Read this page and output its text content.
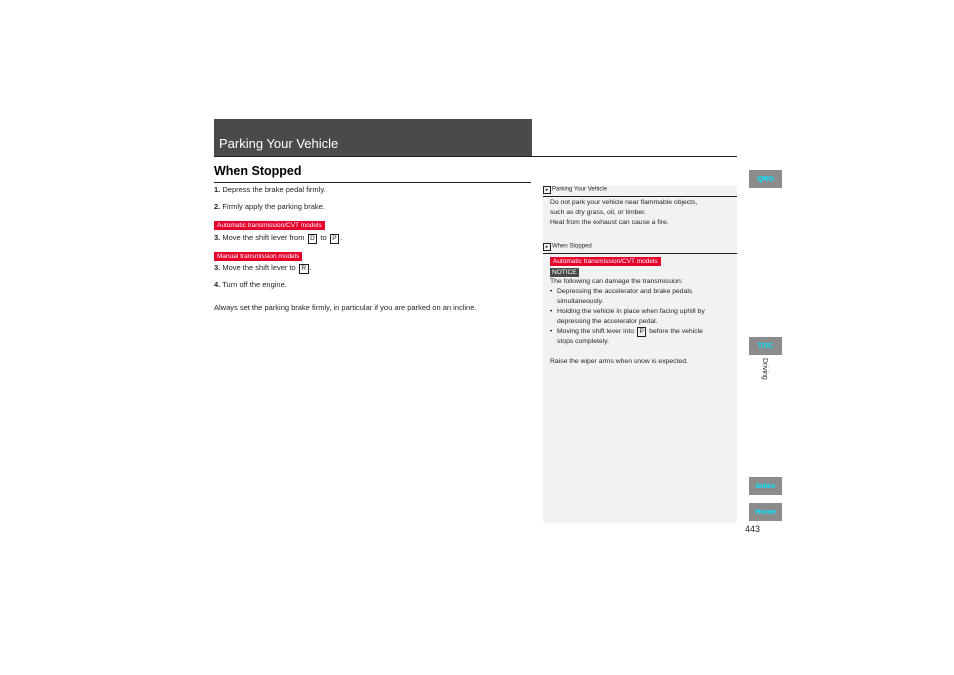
Parking Your Vehicle
When Stopped
1. Depress the brake pedal firmly.
2. Firmly apply the parking brake.
Automatic transmission/CVT models
3. Move the shift lever from D to P .
Manual transmission models
3. Move the shift lever to R .
4. Turn off the engine.
Always set the parking brake firmly, in particular if you are parked on an incline.
▸ Parking Your Vehicle
Do not park your vehicle near flammable objects,
such as dry grass, oil, or timber.
Heat from the exhaust can cause a fire.
▸ When Stopped
Automatic transmission/CVT models
NOTICE
The following can damage the transmission:
• Depressing the accelerator and brake pedals
simultaneously.
• Holding the vehicle in place when facing uphill by
depressing the accelerator pedal.
• Moving the shift lever into P before the vehicle
stops completely.
Raise the wiper arms when snow is expected.
QRG
TOC
Driving
Index
Home
443
